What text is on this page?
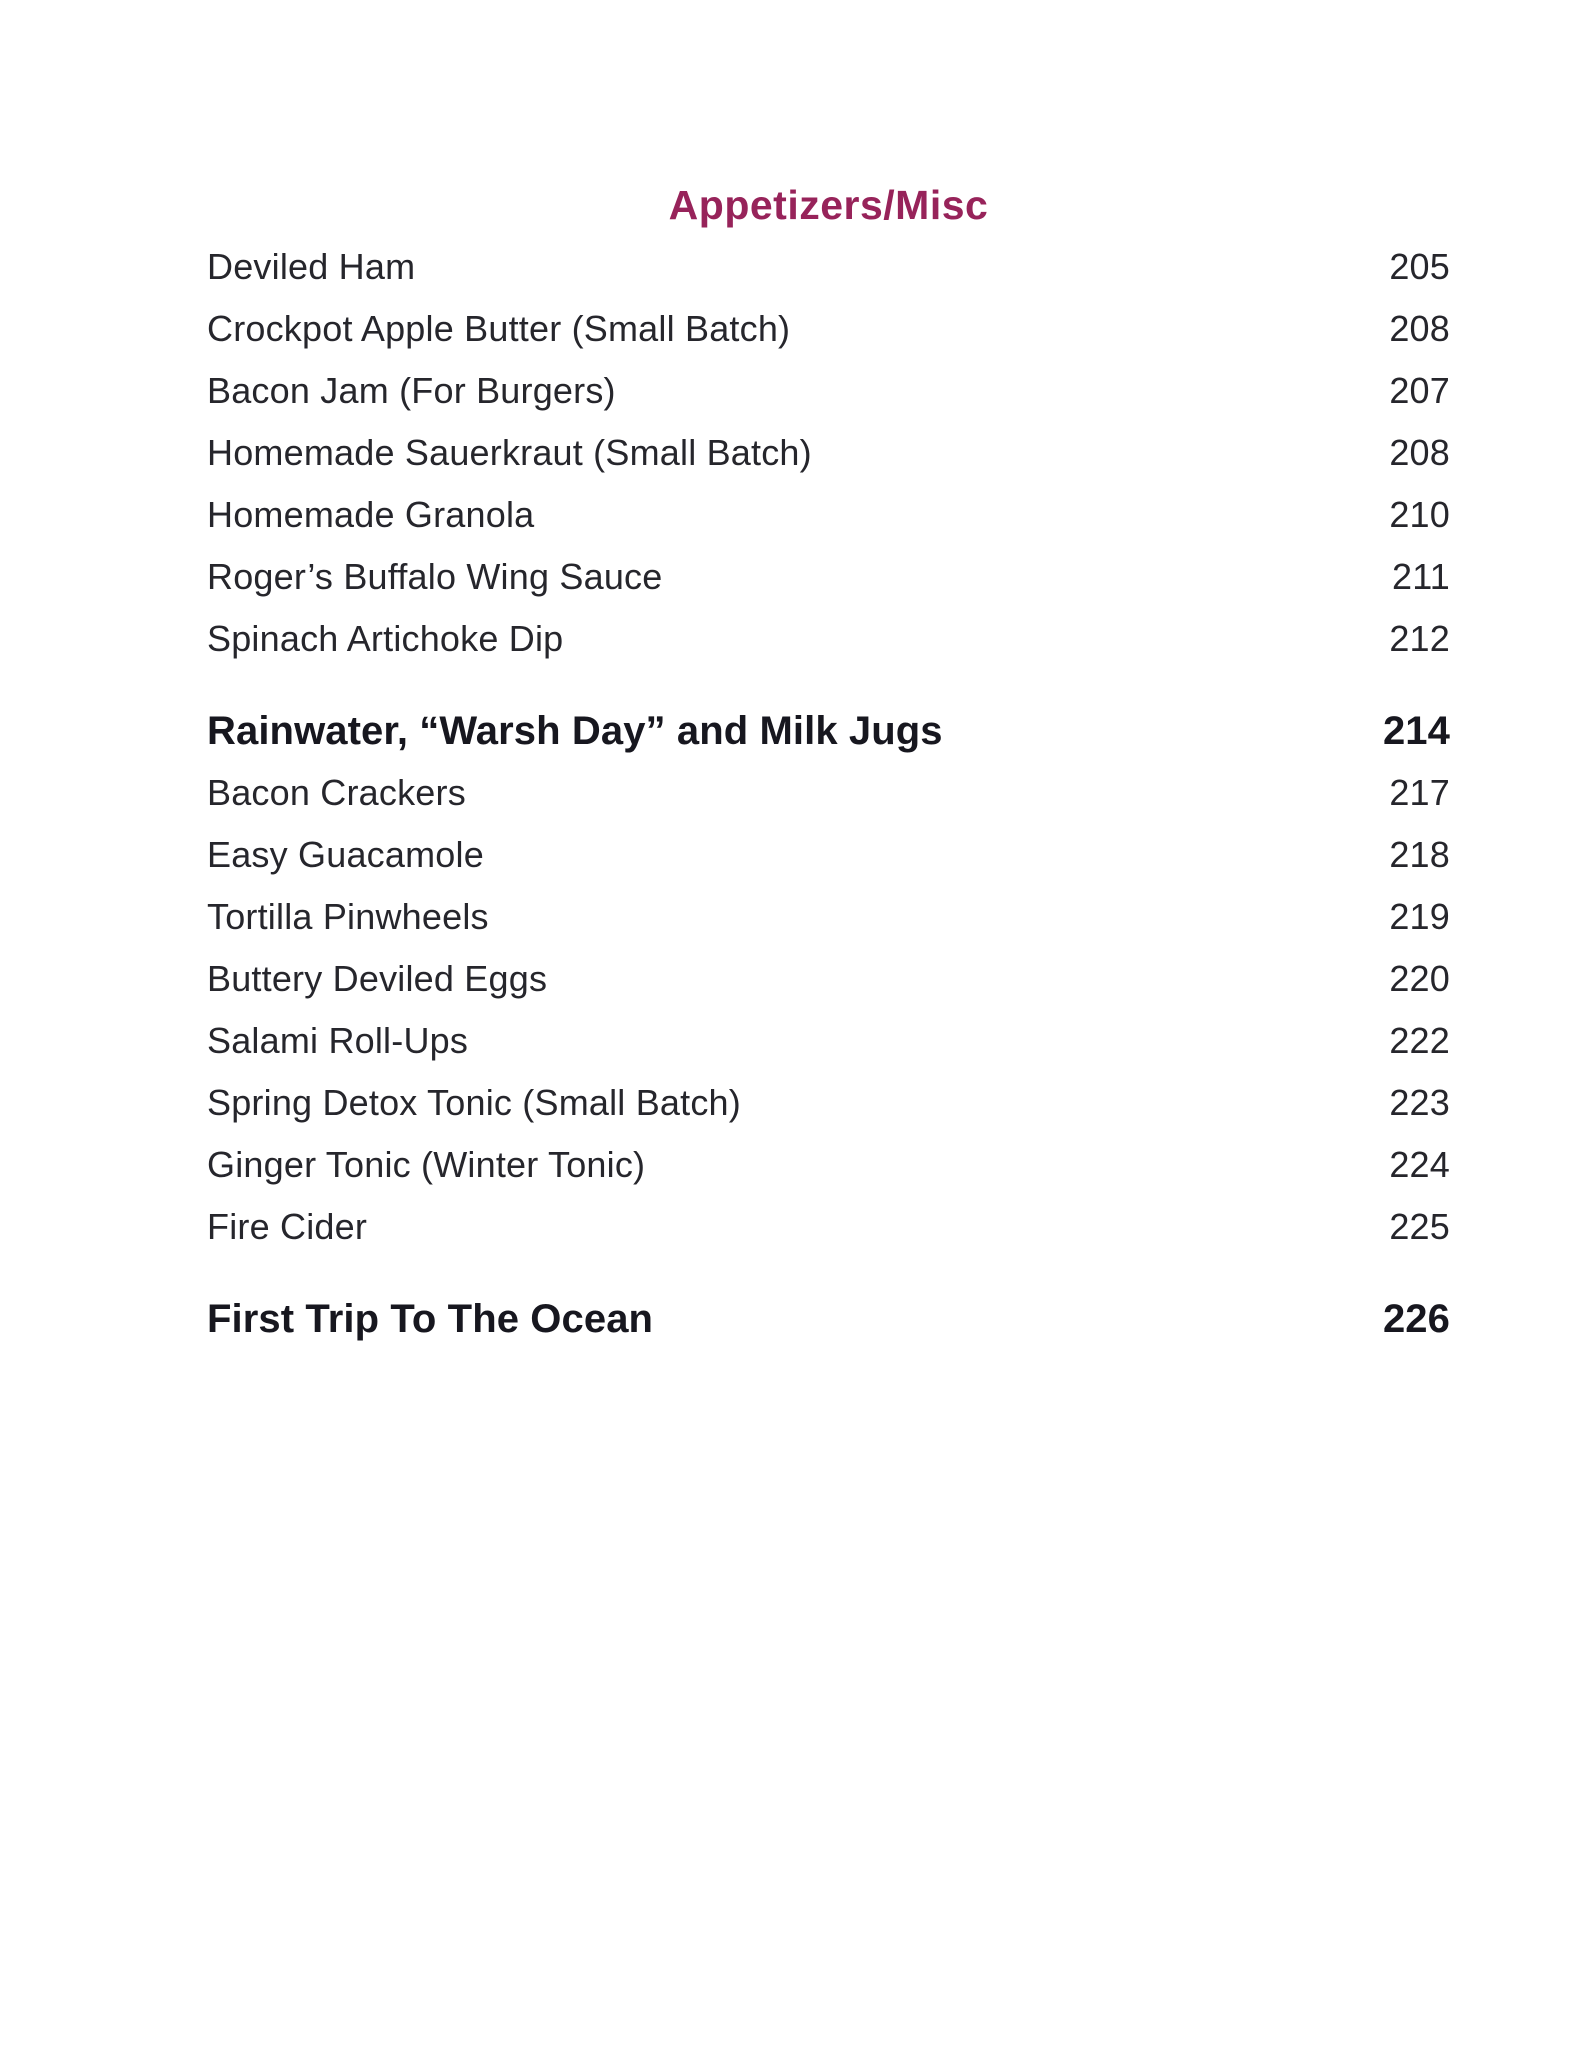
Appetizers/Misc
Deviled Ham	205
Crockpot Apple Butter (Small Batch)	208
Bacon Jam (For Burgers)	207
Homemade Sauerkraut (Small Batch)	208
Homemade Granola	210
Roger’s Buffalo Wing Sauce	211
Spinach Artichoke Dip	212
Rainwater, “Warsh Day” and Milk Jugs	214
Bacon Crackers	217
Easy Guacamole	218
Tortilla Pinwheels	219
Buttery Deviled Eggs	220
Salami Roll-Ups	222
Spring Detox Tonic (Small Batch)	223
Ginger Tonic (Winter Tonic)	224
Fire Cider	225
First Trip To The Ocean	226
